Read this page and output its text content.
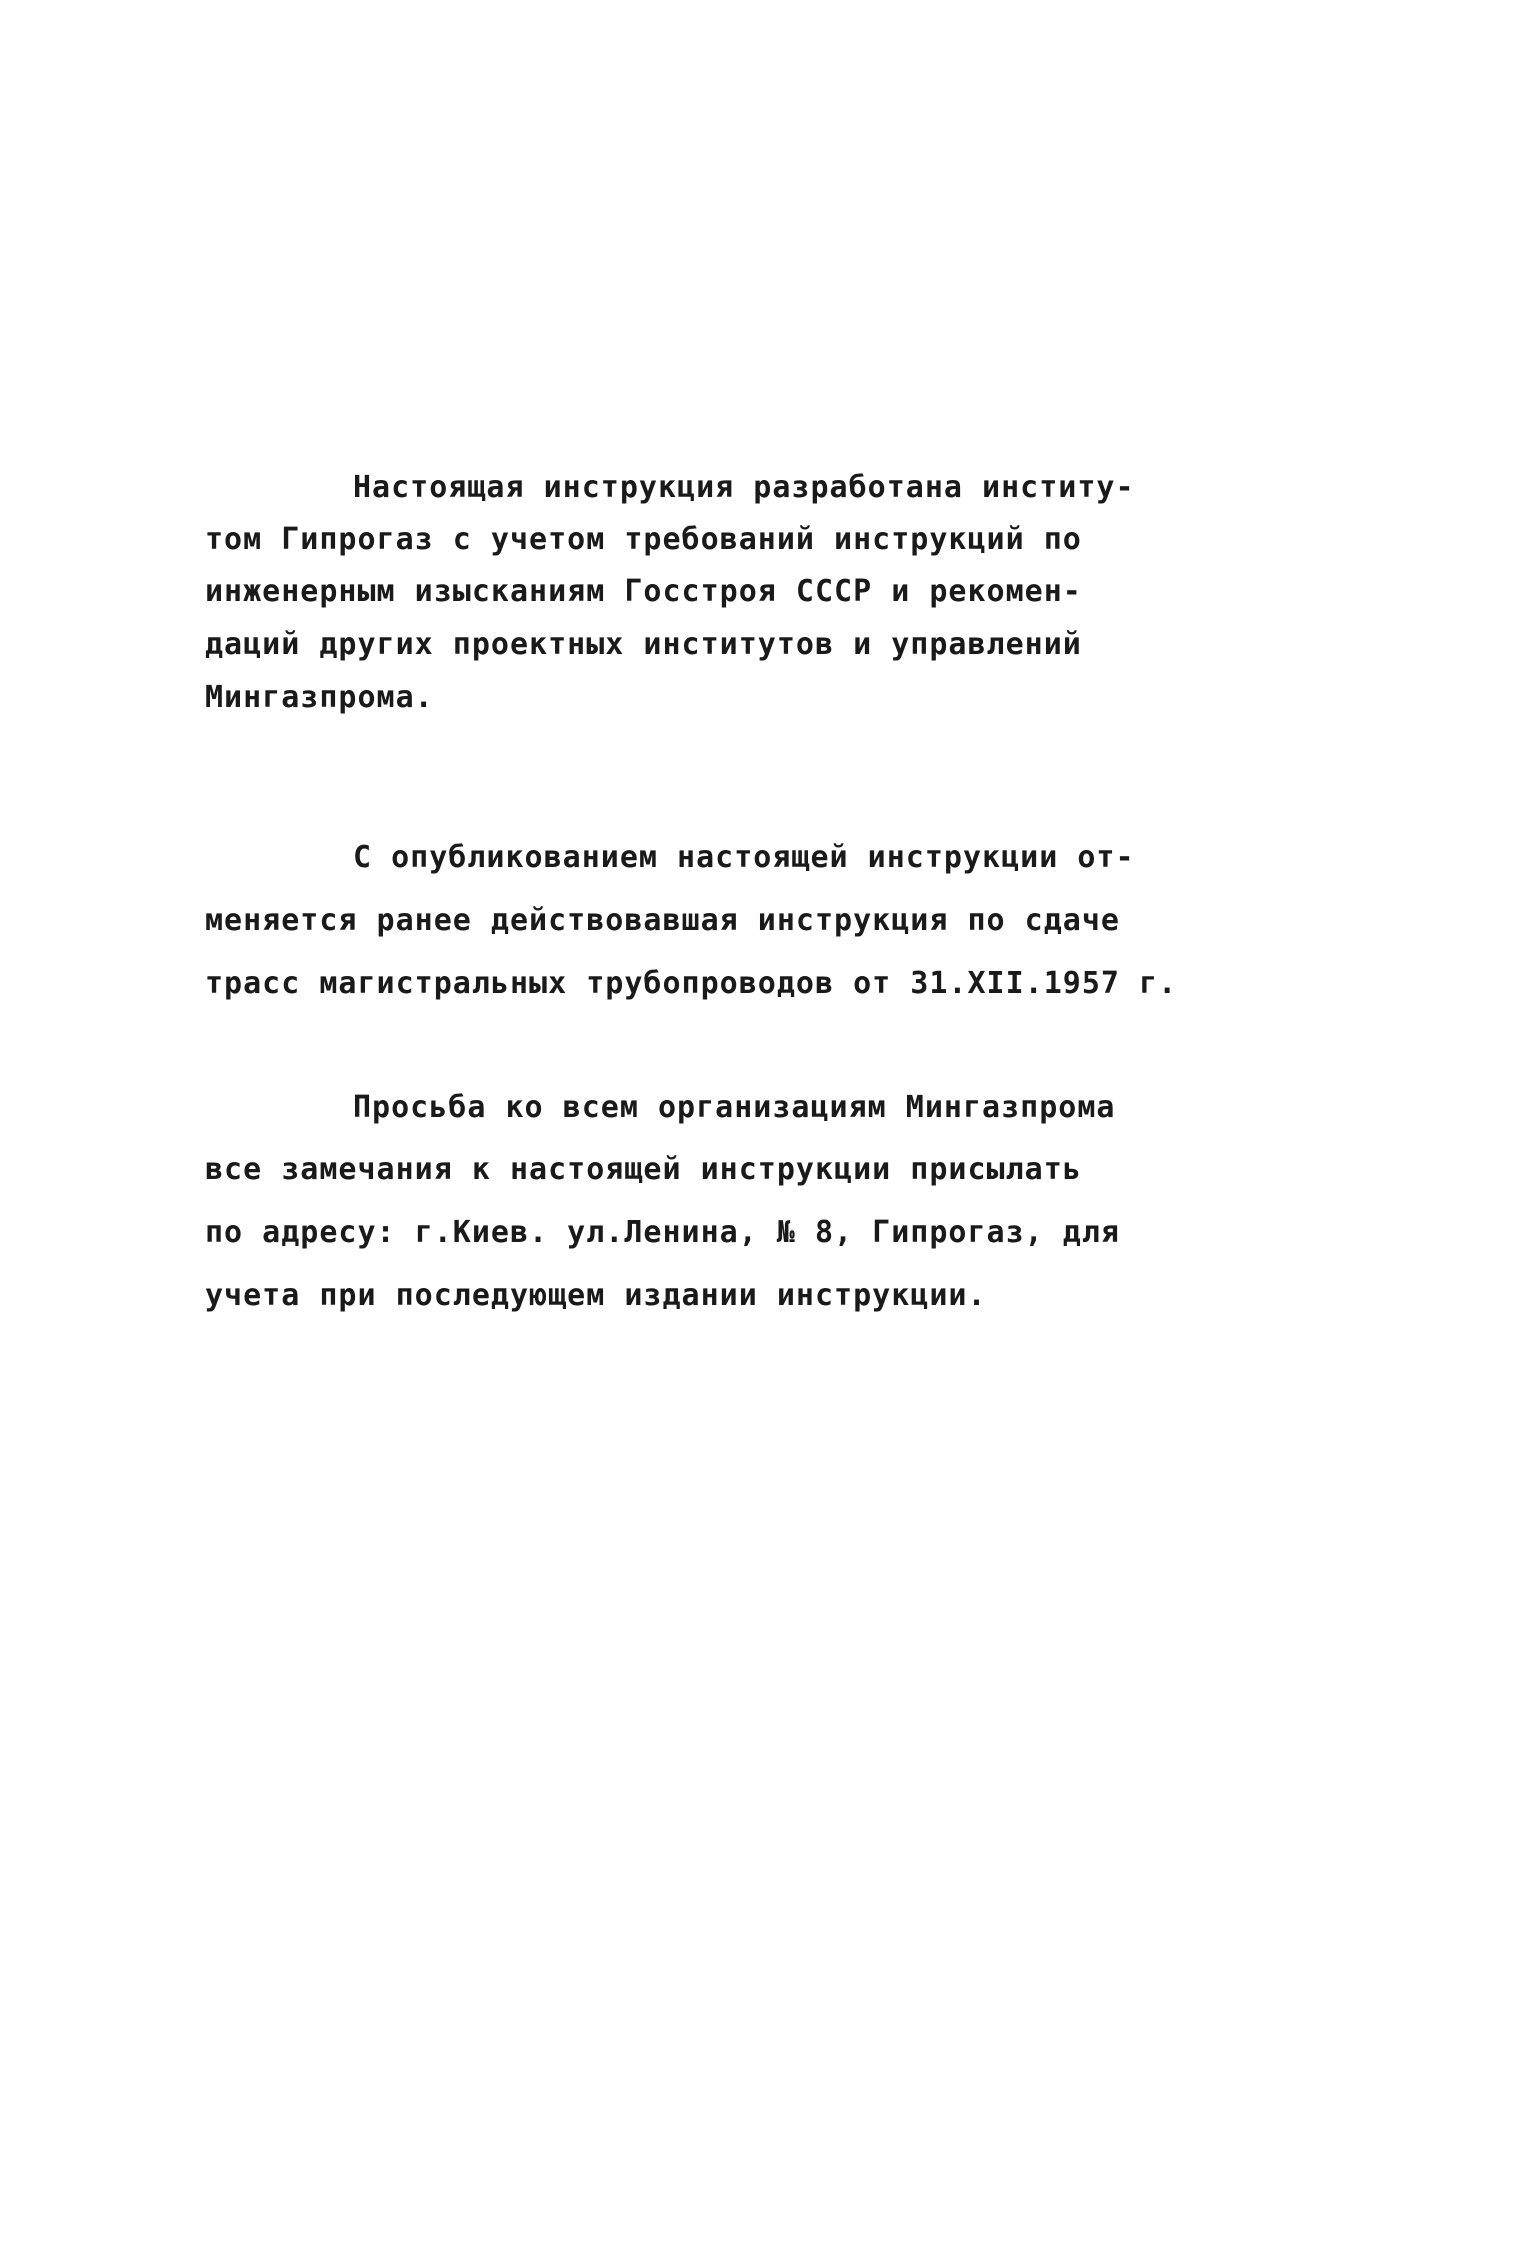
Настоящая инструкция разработана институ-
том Гипрогаз с учетом требований инструкций по
инженерным изысканиям Госстроя СССР и рекомен-
даций других проектных институтов и управлений
Мингазпрома.
С опубликованием настоящей инструкции от-
меняется ранее действовавшая инструкция по сдаче
трасс магистральных трубопроводов от 31.XII.1957 г.
Просьба ко всем организациям Мингазпрома
все замечания к настоящей инструкции присылать
по адресу: г.Киев. ул.Ленина, № 8, Гипрогаз, для
учета при последующем издании инструкции.
